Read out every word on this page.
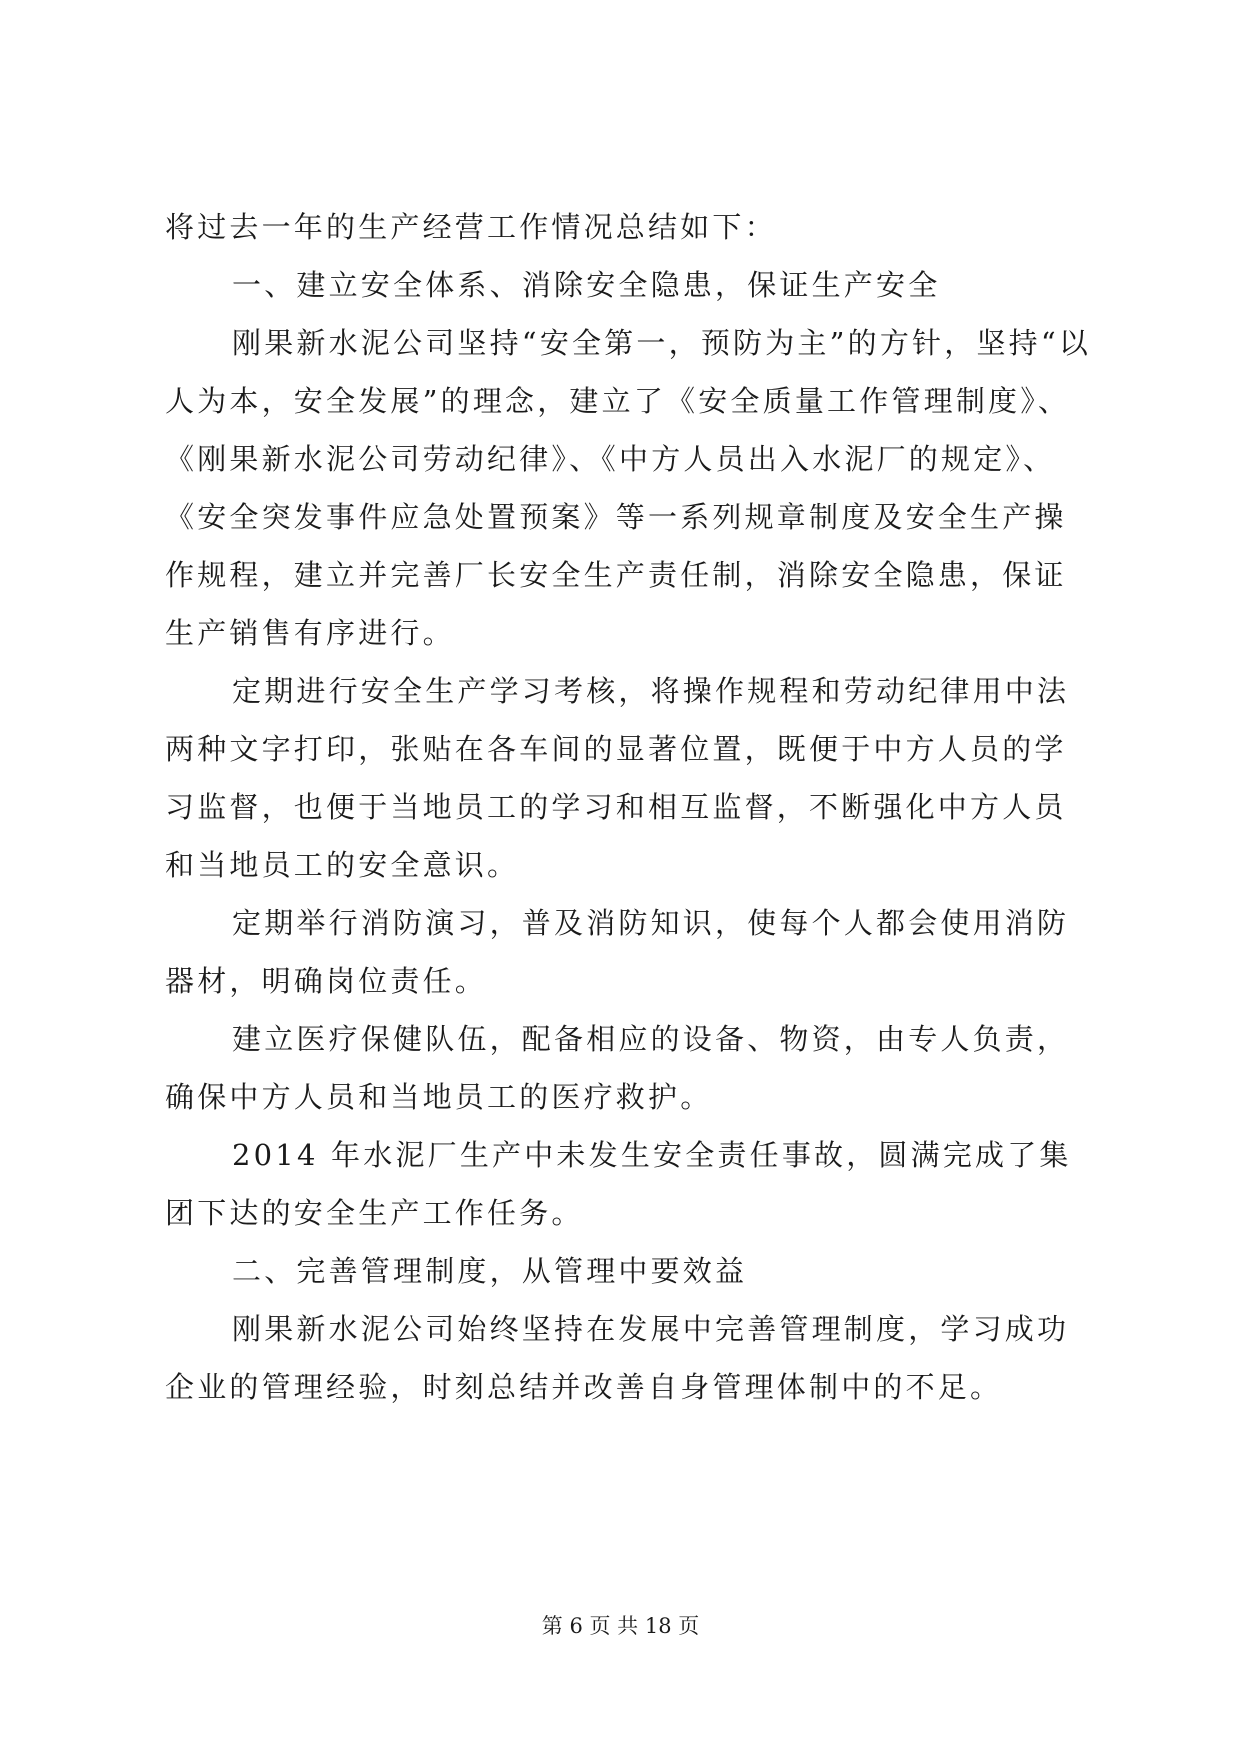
将过去一年的生产经营工作情况总结如下：
一、建立安全体系、消除安全隐患，保证生产安全
刚果新水泥公司坚持“安全第一，预防为主”的方针，坚持“以
人为本，安全发展”的理念，建立了《安全质量工作管理制度》、
《刚果新水泥公司劳动纪律》、《中方人员出入水泥厂的规定》、
《安全突发事件应急处置预案》等一系列规章制度及安全生产操
作规程，建立并完善厂长安全生产责任制，消除安全隐患，保证
生产销售有序进行。
定期进行安全生产学习考核，将操作规程和劳动纪律用中法
两种文字打印，张贴在各车间的显著位置，既便于中方人员的学
习监督，也便于当地员工的学习和相互监督，不断强化中方人员
和当地员工的安全意识。
定期举行消防演习，普及消防知识，使每个人都会使用消防
器材，明确岗位责任。
建立医疗保健队伍，配备相应的设备、物资，由专人负责，
确保中方人员和当地员工的医疗救护。
2014 年水泥厂生产中未发生安全责任事故，圆满完成了集
团下达的安全生产工作任务。
二、完善管理制度，从管理中要效益
刚果新水泥公司始终坚持在发展中完善管理制度，学习成功
企业的管理经验，时刻总结并改善自身管理体制中的不足。
第 6 页 共 18 页
